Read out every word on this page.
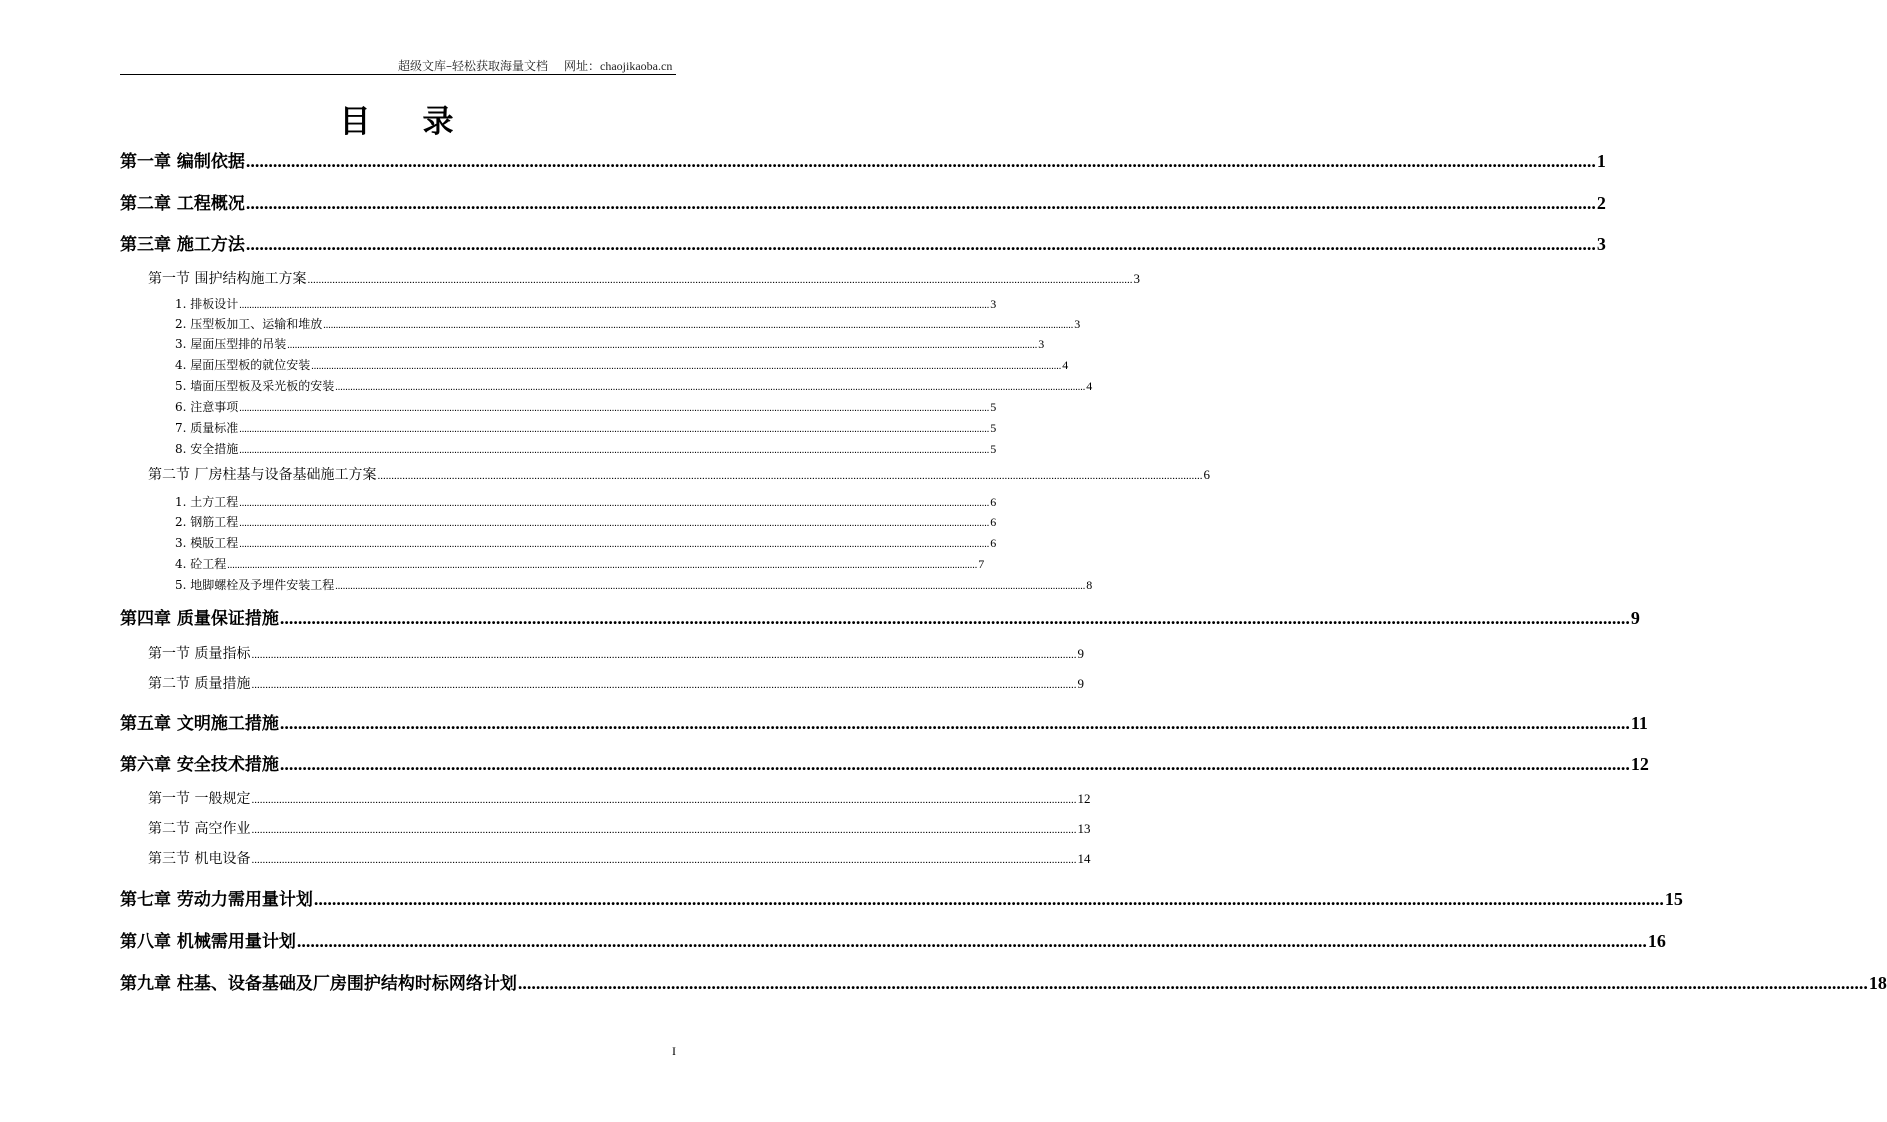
超级文库–轻松获取海量文档 网址：chaojikaoba.cn
目录
第一章 编制依据 ............................................................................................................................................................................................................................................................................................................ 1
第二章 工程概况 ............................................................................................................................................................................................................................................................................................................ 2
第三章 施工方法 ............................................................................................................................................................................................................................................................................................................ 3
第一节 围护结构施工方案 ............................................................................................................................................................................................................................................................................................................ 3
1. 排板设计 ............................................................................................................................................................................................................................................................................................................ 3
2. 压型板加工、运输和堆放 ............................................................................................................................................................................................................................................................................................................ 3
3. 屋面压型排的吊装 ............................................................................................................................................................................................................................................................................................................ 3
4. 屋面压型板的就位安装 ............................................................................................................................................................................................................................................................................................................ 4
5. 墙面压型板及采光板的安装 ............................................................................................................................................................................................................................................................................................................ 4
6. 注意事项 ............................................................................................................................................................................................................................................................................................................ 5
7. 质量标准 ............................................................................................................................................................................................................................................................................................................ 5
8. 安全措施 ............................................................................................................................................................................................................................................................................................................ 5
第二节 厂房柱基与设备基础施工方案 ............................................................................................................................................................................................................................................................................................................ 6
1. 土方工程 ............................................................................................................................................................................................................................................................................................................ 6
2. 钢筋工程 ............................................................................................................................................................................................................................................................................................................ 6
3. 模版工程 ............................................................................................................................................................................................................................................................................................................ 6
4. 砼工程 ............................................................................................................................................................................................................................................................................................................ 7
5. 地脚螺栓及予埋件安装工程 ............................................................................................................................................................................................................................................................................................................ 8
第四章 质量保证措施 ............................................................................................................................................................................................................................................................................................................ 9
第一节 质量指标 ............................................................................................................................................................................................................................................................................................................ 9
第二节 质量措施 ............................................................................................................................................................................................................................................................................................................ 9
第五章 文明施工措施 ............................................................................................................................................................................................................................................................................................................ 11
第六章 安全技术措施 ............................................................................................................................................................................................................................................................................................................ 12
第一节 一般规定 ............................................................................................................................................................................................................................................................................................................ 12
第二节 高空作业 ............................................................................................................................................................................................................................................................................................................ 13
第三节 机电设备 ............................................................................................................................................................................................................................................................................................................ 14
第七章 劳动力需用量计划 ............................................................................................................................................................................................................................................................................................................ 15
第八章 机械需用量计划 ............................................................................................................................................................................................................................................................................................................ 16
第九章 柱基、设备基础及厂房围护结构时标网络计划 ............................................................................................................................................................................................................................................................................................................ 18
I
